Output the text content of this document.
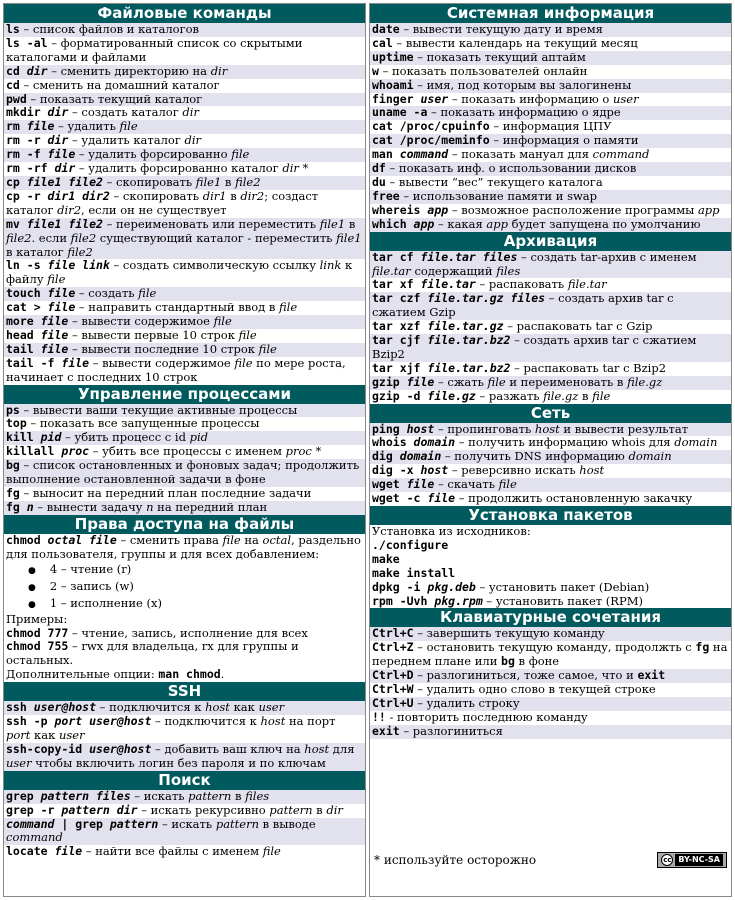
Файловые команды
ls – список файлов и каталогов
ls -al – форматированный список со скрытыми каталогами и файлами
cd dir – сменить директорию на dir
cd – сменить на домашний каталог
pwd – показать текущий каталог
mkdir dir – создать каталог dir
rm file – удалить file
rm -r dir – удалить каталог dir
rm -f file – удалить форсированно file
rm -rf dir – удалить форсированно каталог dir *
cp file1 file2 – скопировать file1 в file2
cp -r dir1 dir2 – скопировать dir1 в dir2; создаст каталог dir2, если он не существует
mv file1 file2 – переименовать или переместить file1 в file2. если file2 существующий каталог - переместить file1 в каталог file2
ln -s file link – создать символическую ссылку link к файлу file
touch file – создать file
cat > file – направить стандартный ввод в file
more file – вывести содержимое file
head file – вывести первые 10 строк file
tail file – вывести последние 10 строк file
tail -f file – вывести содержимое file по мере роста, начинает с последних 10 строк
Управление процессами
ps – вывести ваши текущие активные процессы
top – показать все запущенные процессы
kill pid – убить процесс с id pid
killall proc – убить все процессы с именем proc *
bg – список остановленных и фоновых задач; продолжить выполнение остановленной задачи в фоне
fg – выносит на передний план последние задачи
fg n – вынести задачу n на передний план
Права доступа на файлы
chmod octal file – сменить права file на octal, раздельно для пользователя, группы и для всех добавлением:
● 4 – чтение (r)
● 2 – запись (w)
● 1 – исполнение (x)
Примеры:
chmod 777 – чтение, запись, исполнение для всех
chmod 755 – rwx для владельца, rx для группы и остальных.
Дополнительные опции: man chmod.
SSH
ssh user@host – подключится к host как user
ssh -p port user@host – подключится к host на порт port как user
ssh-copy-id user@host – добавить ваш ключ на host для user чтобы включить логин без пароля и по ключам
Поиск
grep pattern files – искать pattern в files
grep -r pattern dir – искать рекурсивно pattern в dir
command | grep pattern – искать pattern в выводе command
locate file – найти все файлы с именем file
Системная информация
date – вывести текущую дату и время
cal – вывести календарь на текущий месяц
uptime – показать текущий аптайм
w – показать пользователей онлайн
whoami – имя, под которым вы залогинены
finger user – показать информацию о user
uname -a – показать информацию о ядре
cat /proc/cpuinfo – информация ЦПУ
cat /proc/meminfo – информация о памяти
man command – показать мануал для command
df – показать инф. о использовании дисков
du – вывести “вес” текущего каталога
free – использование памяти и swap
whereis app – возможное расположение программы app
which app – какая app будет запущена по умолчанию
Архивация
tar cf file.tar files – создать tar-архив с именем file.tar содержащий files
tar xf file.tar – распаковать file.tar
tar czf file.tar.gz files – создать архив tar с сжатием Gzip
tar xzf file.tar.gz – распаковать tar с Gzip
tar cjf file.tar.bz2 – создать архив tar с сжатием Bzip2
tar xjf file.tar.bz2 – распаковать tar с Bzip2
gzip file – сжать file и переименовать в file.gz
gzip -d file.gz – разжать file.gz в file
Сеть
ping host – пропинговать host и вывести результат
whois domain – получить информацию whois для domain
dig domain – получить DNS информацию domain
dig -x host – реверсивно искать host
wget file – скачать file
wget -c file – продолжить остановленную закачку
Установка пакетов
Установка из исходников:
./configure
make
make install
dpkg -i pkg.deb – установить пакет (Debian)
rpm -Uvh pkg.rpm – установить пакет (RPM)
Клавиатурные сочетания
Ctrl+C – завершить текущую команду
Ctrl+Z – остановить текущую команду, продолжть с fg на переднем плане или bg в фоне
Ctrl+D – разлогиниться, тоже самое, что и exit
Ctrl+W – удалить одно слово в текущей строке
Ctrl+U – удалить строку
!! - повторить последнюю команду
exit – разлогиниться
* используйте осторожно	cc BY-NC-SA
